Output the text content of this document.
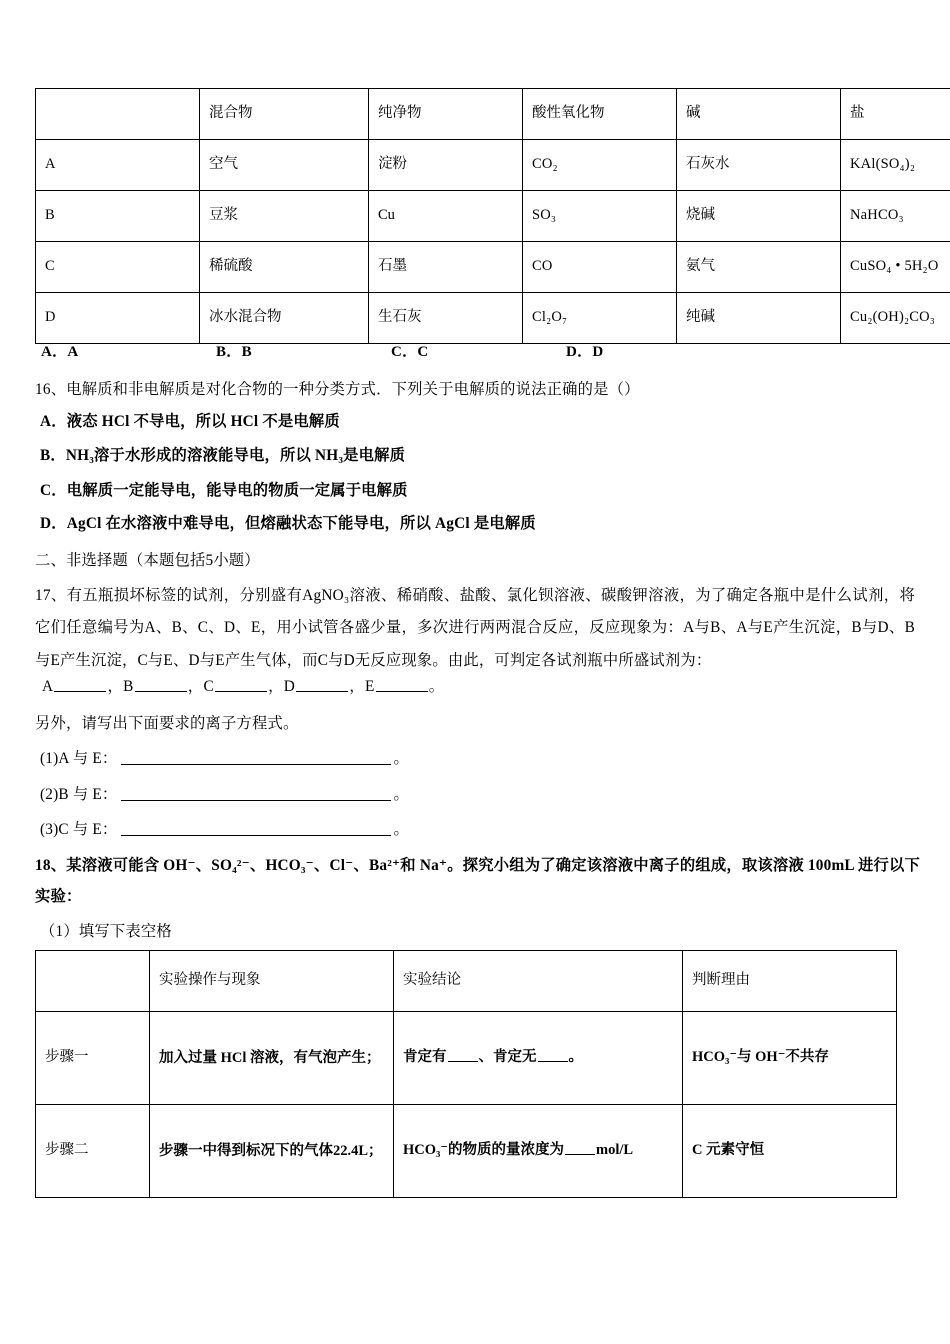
	混合物	纯净物	酸性氧化物	碱	盐
A	空气	淀粉	CO₂	石灰水	KAl(SO₄)₂
B	豆浆	Cu	SO₃	烧碱	NaHCO₃
C	稀硫酸	石墨	CO	氨气	CuSO₄ • 5H₂O
D	冰水混合物	生石灰	Cl₂O₇	纯碱	Cu₂(OH)₂CO₃
A．A	B．B	C．C	D．D
16、电解质和非电解质是对化合物的一种分类方式．下列关于电解质的说法正确的是（）
A．液态 HCl 不导电，所以 HCl 不是电解质
B．NH₃溶于水形成的溶液能导电，所以 NH₃是电解质
C．电解质一定能导电，能导电的物质一定属于电解质
D．AgCl 在水溶液中难导电，但熔融状态下能导电，所以 AgCl 是电解质
二、非选择题（本题包括5小题）
17、有五瓶损坏标签的试剂，分别盛有AgNO₃溶液、稀硝酸、盐酸、氯化钡溶液、碳酸钾溶液，为了确定各瓶中是什么试剂，将它们任意编号为A、B、C、D、E，用小试管各盛少量，多次进行两两混合反应，反应现象为：A与B、A与E产生沉淀，B与D、B与E产生沉淀，C与E、D与E产生气体，而C与D无反应现象。由此，可判定各试剂瓶中所盛试剂为：
A	，B	，C	，D	，E	。
另外，请写出下面要求的离子方程式。
(1)A 与 E：	。
(2)B 与 E：	。
(3)C 与 E：	。
18、某溶液可能含 OH⁻、SO₄²⁻、HCO₃⁻、Cl⁻、Ba²⁺和 Na⁺。探究小组为了确定该溶液中离子的组成，取该溶液 100mL 进行以下实验：
（1）填写下表空格
	实验操作与现象	实验结论	判断理由
步骤一	加入过量 HCl 溶液，有气泡产生；	肯定有 、肯定无 。	HCO₃⁻与 OH⁻不共存
步骤二	步骤一中得到标况下的气体22.4L；	HCO₃⁻的物质的量浓度为 mol/L	C 元素守恒
